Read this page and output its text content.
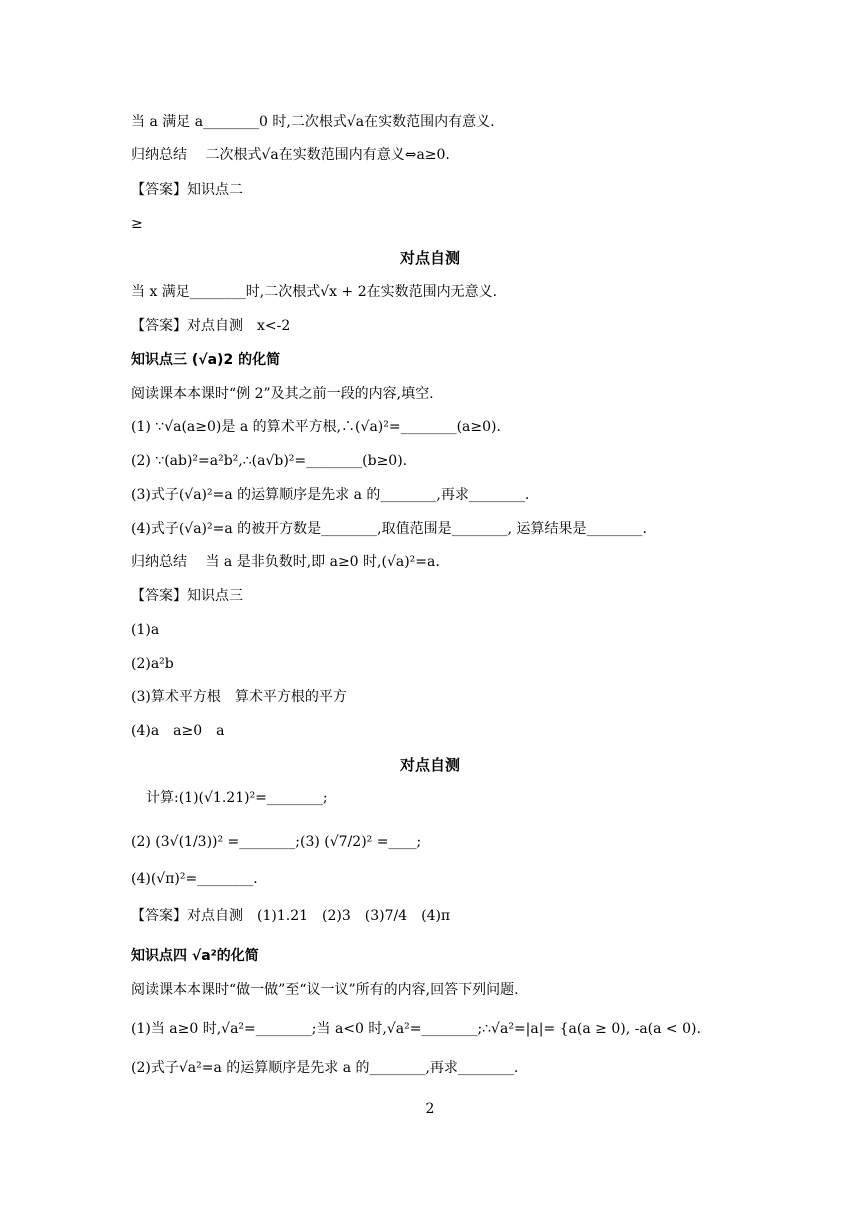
当 a 满足 a________0 时,二次根式√a在实数范围内有意义.
归纳总结　 二次根式√a在实数范围内有意义⇔a≥0.
【答案】知识点二
≥
对点自测
当 x 满足________时,二次根式√x + 2在实数范围内无意义.
【答案】对点自测　x<-2
知识点三 (√a)2 的化简
阅读课本本课时“例 2”及其之前一段的内容,填空.
(1) ∵√a(a≥0)是 a 的算术平方根,∴(√a)²=________(a≥0).
(2) ∵(ab)²=a²b²,∴(a√b)²=________(b≥0).
(3)式子(√a)²=a 的运算顺序是先求 a 的________,再求________.
(4)式子(√a)²=a 的被开方数是________,取值范围是________, 运算结果是________.
归纳总结　 当 a 是非负数时,即 a≥0 时,(√a)²=a.
【答案】知识点三
(1)a
(2)a²b
(3)算术平方根　算术平方根的平方
(4)a　a≥0　a
对点自测
计算:(1)(√1.21)²=________;
(2) (3√(1/3))² =________;(3) (√7/2)² =____;
(4)(√π)²=________.
【答案】对点自测　(1)1.21　(2)3　(3)7/4　(4)π
知识点四 √a²的化简
阅读课本本课时“做一做”至“议一议”所有的内容,回答下列问题.
(1)当 a≥0 时,√a²=________;当 a<0 时,√a²=________;∴√a²=|a|= {a(a ≥ 0), -a(a < 0).
(2)式子√a²=a 的运算顺序是先求 a 的________,再求________.
2
